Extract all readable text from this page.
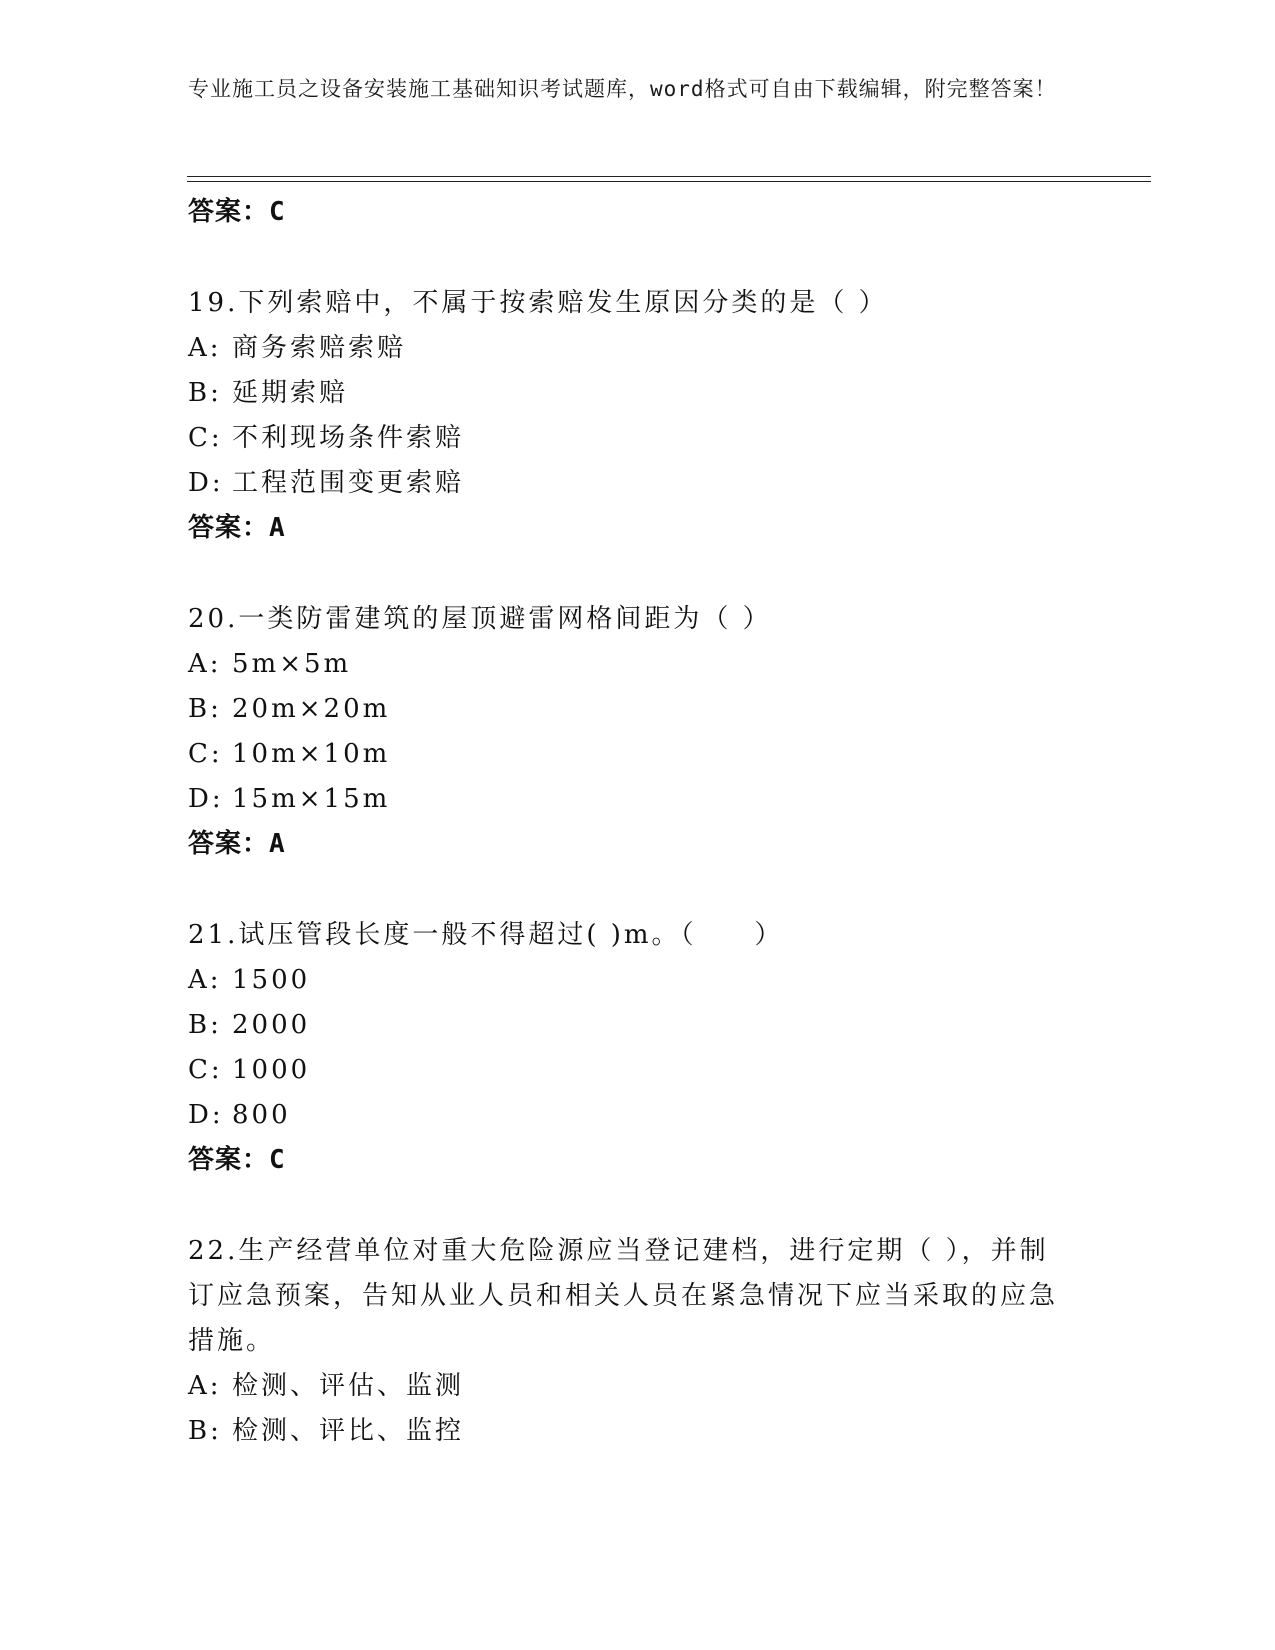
专业施工员之设备安装施工基础知识考试题库，word格式可自由下载编辑，附完整答案！
答案：C
19.下列索赔中，不属于按索赔发生原因分类的是（ ）
A: 商务索赔索赔
B: 延期索赔
C: 不利现场条件索赔
D: 工程范围变更索赔
答案：A
20.一类防雷建筑的屋顶避雷网格间距为（ ）
A: 5m×5m
B: 20m×20m
C: 10m×10m
D: 15m×15m
答案：A
21.试压管段长度一般不得超过( )m。（　　）
A: 1500
B: 2000
C: 1000
D: 800
答案：C
22.生产经营单位对重大危险源应当登记建档，进行定期（ ），并制订应急预案，告知从业人员和相关人员在紧急情况下应当采取的应急措施。
A: 检测、评估、监测
B: 检测、评比、监控
